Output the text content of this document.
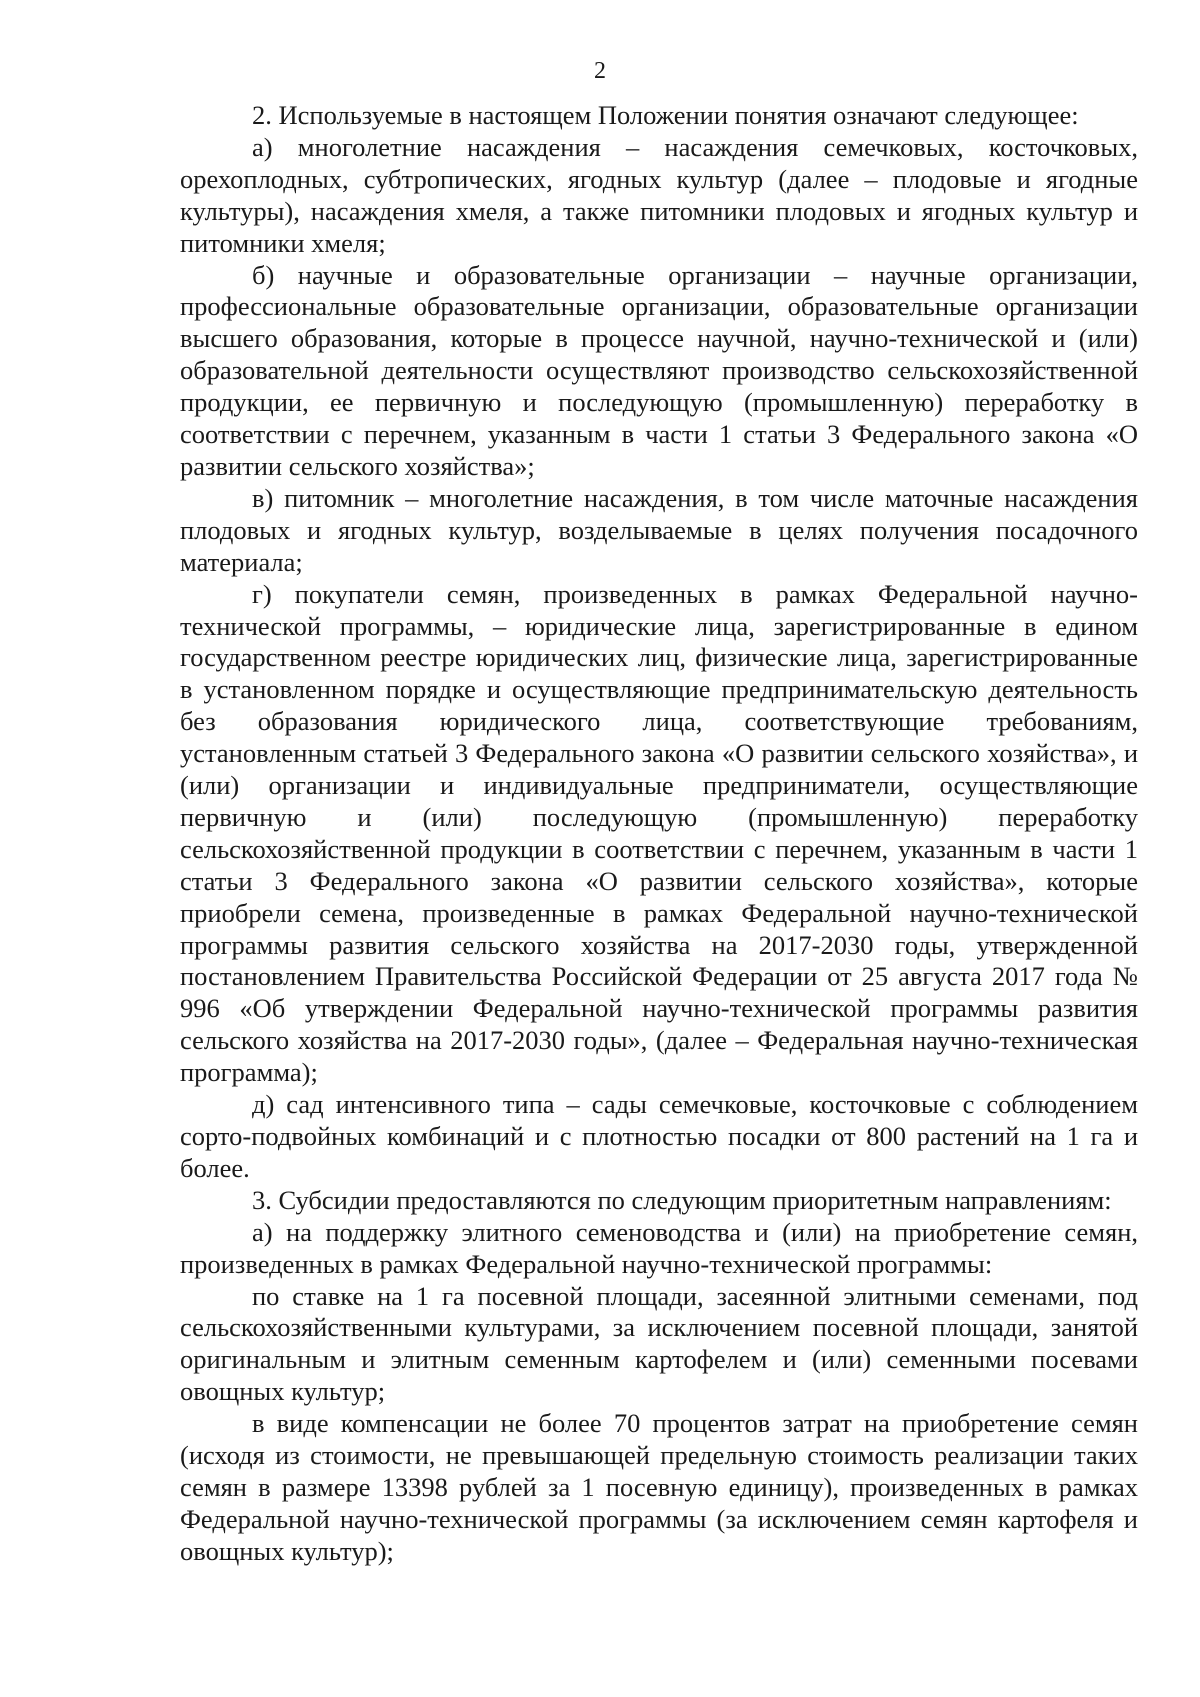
2

2. Используемые в настоящем Положении понятия означают следующее:

а) многолетние насаждения – насаждения семечковых, косточковых, орехоплодных, субтропических, ягодных культур (далее – плодовые и ягодные культуры), насаждения хмеля, а также питомники плодовых и ягодных культур и питомники хмеля;

б) научные и образовательные организации – научные организации, профессиональные образовательные организации, образовательные организации высшего образования, которые в процессе научной, научно-технической и (или) образовательной деятельности осуществляют производство сельскохозяйственной продукции, ее первичную и последующую (промышленную) переработку в соответствии с перечнем, указанным в части 1 статьи 3 Федерального закона «О развитии сельского хозяйства»;

в) питомник – многолетние насаждения, в том числе маточные насаждения плодовых и ягодных культур, возделываемые в целях получения посадочного материала;

г) покупатели семян, произведенных в рамках Федеральной научно-технической программы, – юридические лица, зарегистрированные в едином государственном реестре юридических лиц, физические лица, зарегистрированные в установленном порядке и осуществляющие предпринимательскую деятельность без образования юридического лица, соответствующие требованиям, установленным статьей 3 Федерального закона «О развитии сельского хозяйства», и (или) организации и индивидуальные предприниматели, осуществляющие первичную и (или) последующую (промышленную) переработку сельскохозяйственной продукции в соответствии с перечнем, указанным в части 1 статьи 3 Федерального закона «О развитии сельского хозяйства», которые приобрели семена, произведенные в рамках Федеральной научно-технической программы развития сельского хозяйства на 2017-2030 годы, утвержденной постановлением Правительства Российской Федерации от 25 августа 2017 года № 996 «Об утверждении Федеральной научно-технической программы развития сельского хозяйства на 2017-2030 годы», (далее – Федеральная научно-техническая программа);

д) сад интенсивного типа – сады семечковые, косточковые с соблюдением сорто-подвойных комбинаций и с плотностью посадки от 800 растений на 1 га и более.

3. Субсидии предоставляются по следующим приоритетным направлениям:

а) на поддержку элитного семеноводства и (или) на приобретение семян, произведенных в рамках Федеральной научно-технической программы:

по ставке на 1 га посевной площади, засеянной элитными семенами, под сельскохозяйственными культурами, за исключением посевной площади, занятой оригинальным и элитным семенным картофелем и (или) семенными посевами овощных культур;

в виде компенсации не более 70 процентов затрат на приобретение семян (исходя из стоимости, не превышающей предельную стоимость реализации таких семян в размере 13398 рублей за 1 посевную единицу), произведенных в рамках Федеральной научно-технической программы (за исключением семян картофеля и овощных культур);
